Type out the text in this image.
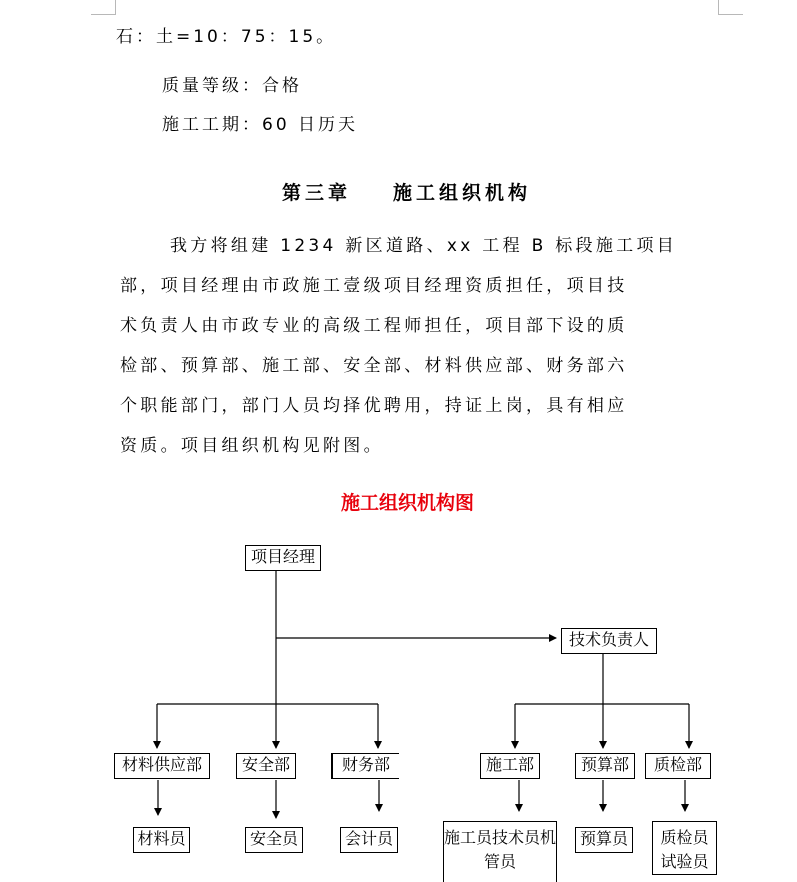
石：土=10：75：15。
质量等级：合格
施工工期：60 日历天
第三章 施工组织机构
我方将组建 1234 新区道路、xx 工程 B 标段施工项目
部，项目经理由市政施工壹级项目经理资质担任，项目技
术负责人由市政专业的高级工程师担任，项目部下设的质
检部、预算部、施工部、安全部、材料供应部、财务部六
个职能部门，部门人员均择优聘用，持证上岗，具有相应
资质。项目组织机构见附图。
施工组织机构图
项目经理
技术负责人
材料供应部	安全部	财务部	施工部	预算部	质检部
材料员	安全员	会计员	施工员技术员机管员
预算员	质检员试验员
